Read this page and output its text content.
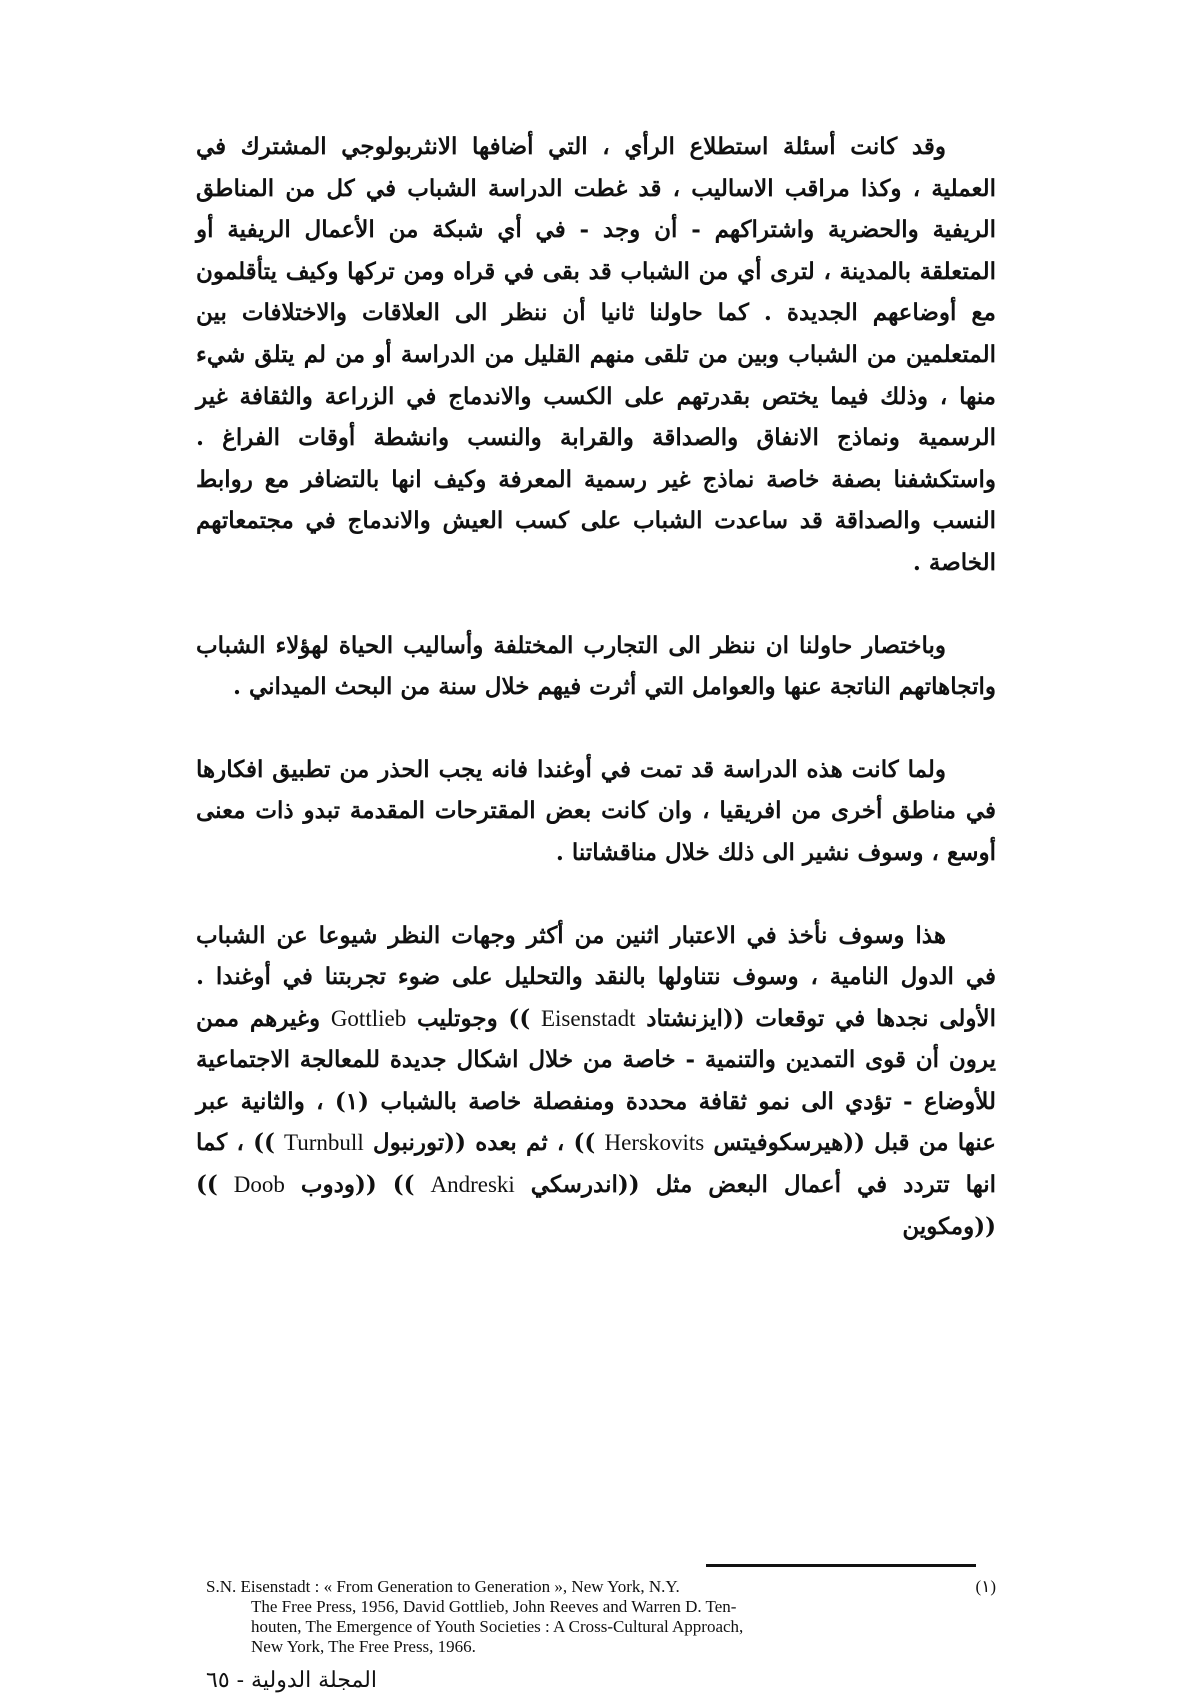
وقد كانت أسئلة استطلاع الرأي ، التي أضافها الانثربولوجي المشترك في العملية ، وكذا مراقب الاساليب ، قد غطت الدراسة الشباب في كل من المناطق الريفية والحضرية واشتراكهم - أن وجد - في أي شبكة من الأعمال الريفية أو المتعلقة بالمدينة ، لترى أي من الشباب قد بقى في قراه ومن تركها وكيف يتأقلمون مع أوضاعهم الجديدة . كما حاولنا ثانيا أن ننظر الى العلاقات والاختلافات بين المتعلمين من الشباب وبين من تلقى منهم القليل من الدراسة أو من لم يتلق شيء منها ، وذلك فيما يختص بقدرتهم على الكسب والاندماج في الزراعة والثقافة غير الرسمية ونماذج الانفاق والصداقة والقرابة والنسب وانشطة أوقات الفراغ . واستكشفنا بصفة خاصة نماذج غير رسمية المعرفة وكيف انها بالتضافر مع روابط النسب والصداقة قد ساعدت الشباب على كسب العيش والاندماج في مجتمعاتهم الخاصة .

وباختصار حاولنا ان ننظر الى التجارب المختلفة وأساليب الحياة لهؤلاء الشباب واتجاهاتهم الناتجة عنها والعوامل التي أثرت فيهم خلال سنة من البحث الميداني .

ولما كانت هذه الدراسة قد تمت في أوغندا فانه يجب الحذر من تطبيق افكارها في مناطق أخرى من افريقيا ، وان كانت بعض المقترحات المقدمة تبدو ذات معنى أوسع ، وسوف نشير الى ذلك خلال مناقشاتنا .

هذا وسوف نأخذ في الاعتبار اثنين من أكثر وجهات النظر شيوعا عن الشباب في الدول النامية ، وسوف نتناولها بالنقد والتحليل على ضوء تجربتنا في أوغندا . الأولى نجدها في توقعات ((ايزنشتاد Eisenstadt )) وجوتليب Gottlieb وغيرهم ممن يرون أن قوى التمدين والتنمية - خاصة من خلال اشكال جديدة للمعالجة الاجتماعية للأوضاع - تؤدي الى نمو ثقافة محددة ومنفصلة خاصة بالشباب (١) ، والثانية عبر عنها من قبل ((هيرسكوفيتس Herskovits )) ، ثم بعده ((تورنبول Turnbull )) ، كما انها تتردد في أعمال البعض مثل ((اندرسكي Andreski )) ((ودوب Doob )) ((ومكوين

(١)

S.N. Eisenstadt : « From Generation to Generation », New York, N.Y.

The Free Press, 1956, David Gottlieb, John Reeves and Warren D. Ten-

houten, The Emergence of Youth Societies : A Cross-Cultural Approach,

New York, The Free Press, 1966.

المجلة الدولية - ٦٥
